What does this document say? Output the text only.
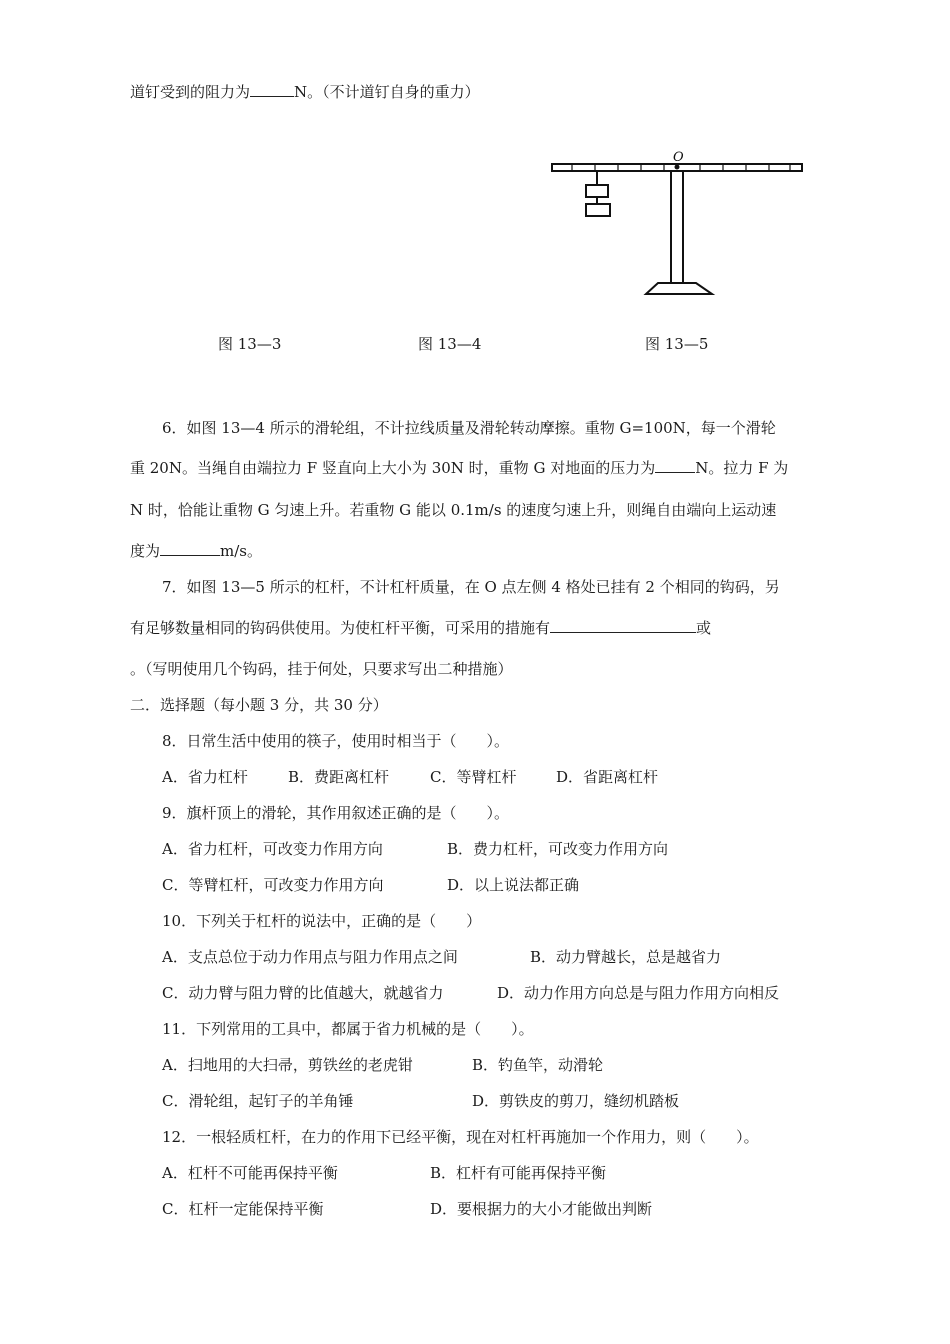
道钉受到的阻力为	N。（不计道钉自身的重力）
O
图 13—3	图 13—4	图 13—5
6．如图 13—4 所示的滑轮组，不计拉线质量及滑轮转动摩擦。重物 G=100N，每一个滑轮
重 20N。当绳自由端拉力 F 竖直向上大小为 30N 时，重物 G 对地面的压力为	N。拉力 F 为
N 时，恰能让重物 G 匀速上升。若重物 G 能以 0.1m/s 的速度匀速上升，则绳自由端向上运动速
度为	m/s。
7．如图 13—5 所示的杠杆，不计杠杆质量，在 O 点左侧 4 格处已挂有 2 个相同的钩码，另
有足够数量相同的钩码供使用。为使杠杆平衡，可采用的措施有	或
。（写明使用几个钩码，挂于何处，只要求写出二种措施）
二．选择题（每小题 3 分，共 30 分）
8．日常生活中使用的筷子，使用时相当于（　　）。
A．省力杠杆	B．费距离杠杆	C．等臂杠杆	D．省距离杠杆
9．旗杆顶上的滑轮，其作用叙述正确的是（　　）。
A．省力杠杆，可改变力作用方向	B．费力杠杆，可改变力作用方向
C．等臂杠杆，可改变力作用方向	D．以上说法都正确
10．下列关于杠杆的说法中，正确的是（　　）
A．支点总位于动力作用点与阻力作用点之间	B．动力臂越长，总是越省力
C．动力臂与阻力臂的比值越大，就越省力	D．动力作用方向总是与阻力作用方向相反
11．下列常用的工具中，都属于省力机械的是（　　）。
A．扫地用的大扫帚，剪铁丝的老虎钳	B．钓鱼竿，动滑轮
C．滑轮组，起钉子的羊角锤	D．剪铁皮的剪刀，缝纫机踏板
12．一根轻质杠杆，在力的作用下已经平衡，现在对杠杆再施加一个作用力，则（　　）。
A．杠杆不可能再保持平衡	B．杠杆有可能再保持平衡
C．杠杆一定能保持平衡	D．要根据力的大小才能做出判断
